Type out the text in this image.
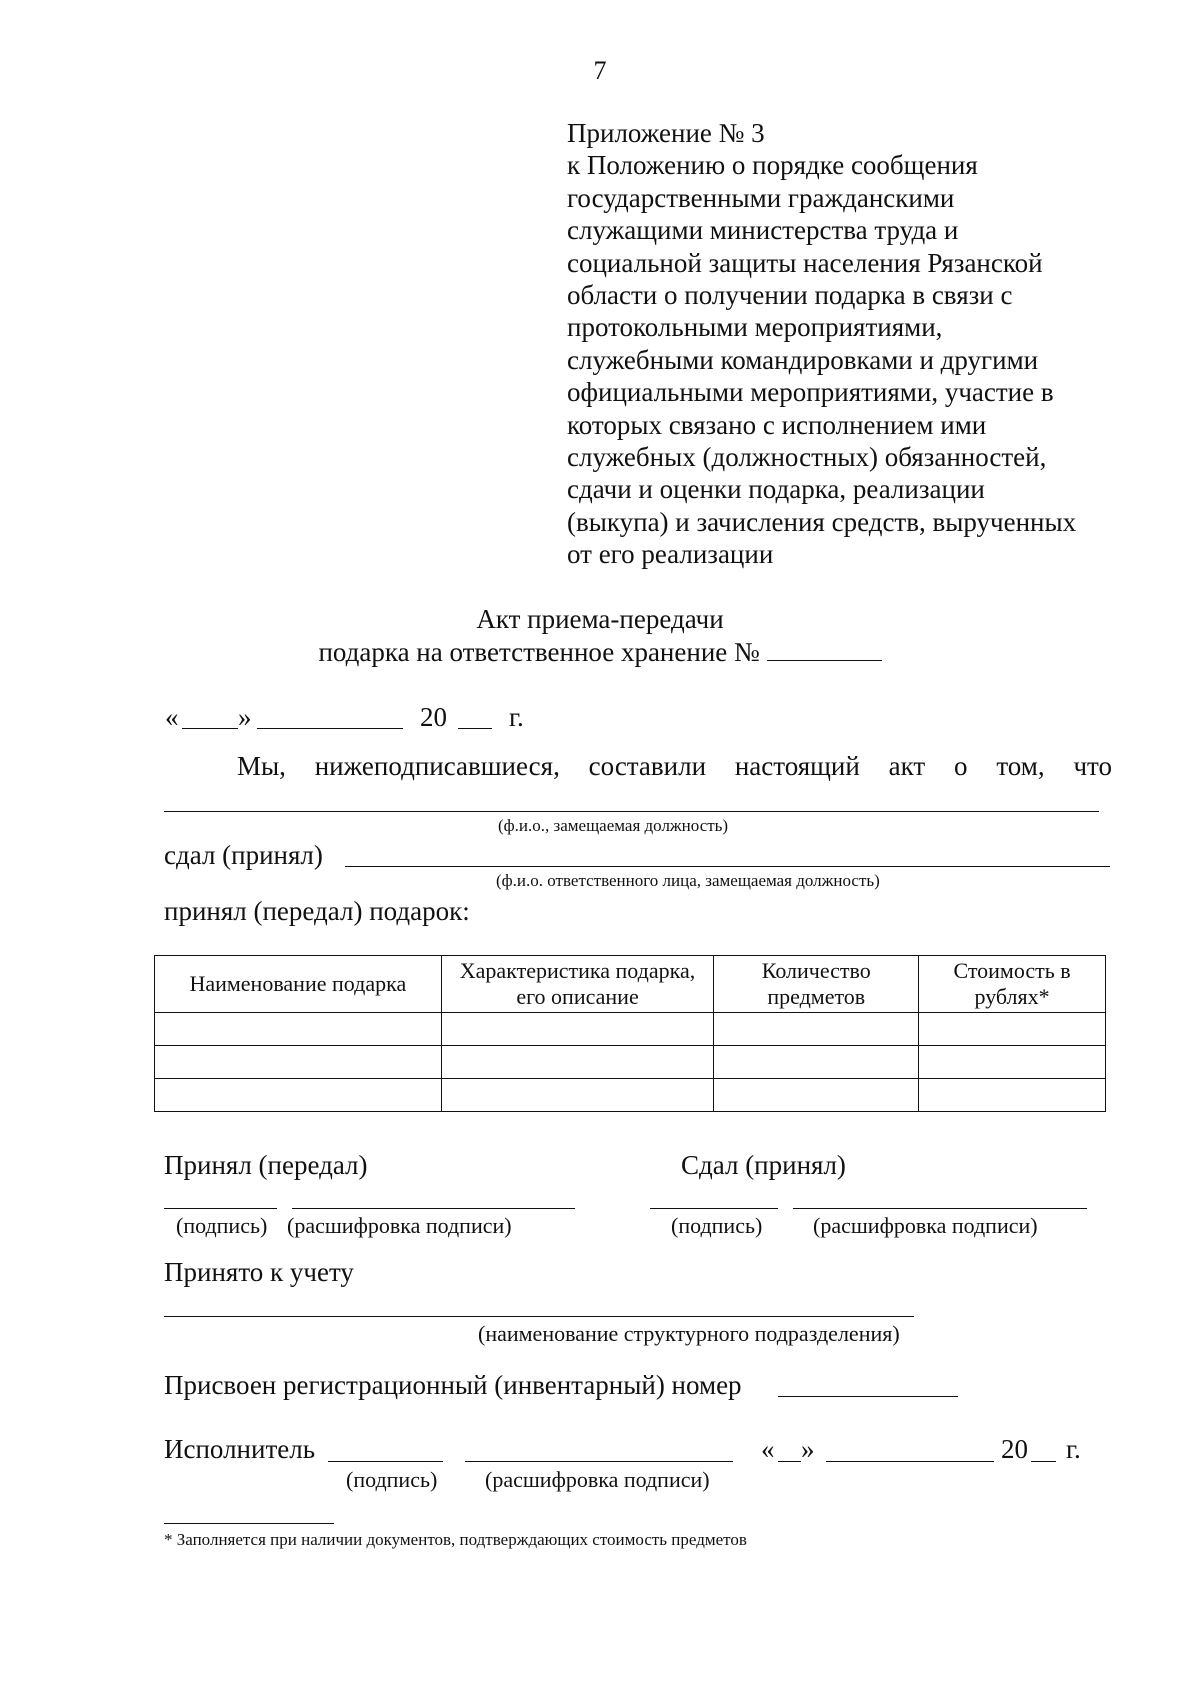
7
Приложение № 3
к Положению о порядке сообщения
государственными гражданскими
служащими министерства труда и
социальной защиты населения Рязанской
области о получении подарка в связи с
протокольными мероприятиями,
служебными командировками и другими
официальными мероприятиями, участие в
которых связано с исполнением ими
служебных (должностных) обязанностей,
сдачи и оценки подарка, реализации
(выкупа) и зачисления средств, вырученных
от его реализации
Акт приема-передачи
подарка на ответственное хранение №
« »	20 г.
Мы, нижеподписавшиеся, составили настоящий акт о том, что
(ф.и.о., замещаемая должность)
сдал (принял)
(ф.и.о. ответственного лица, замещаемая должность)
принял (передал) подарок:
Наименование подарка	Характеристика подарка, его описание	Количество предметов	Стоимость в рублях*

Принял (передал)	Сдал (принял)
(подпись) (расшифровка подписи)	(подпись) (расшифровка подписи)
Принято к учету
(наименование структурного подразделения)
Присвоен регистрационный (инвентарный) номер
Исполнитель	« »	20 г.
(подпись) (расшифровка подписи)
* Заполняется при наличии документов, подтверждающих стоимость предметов
